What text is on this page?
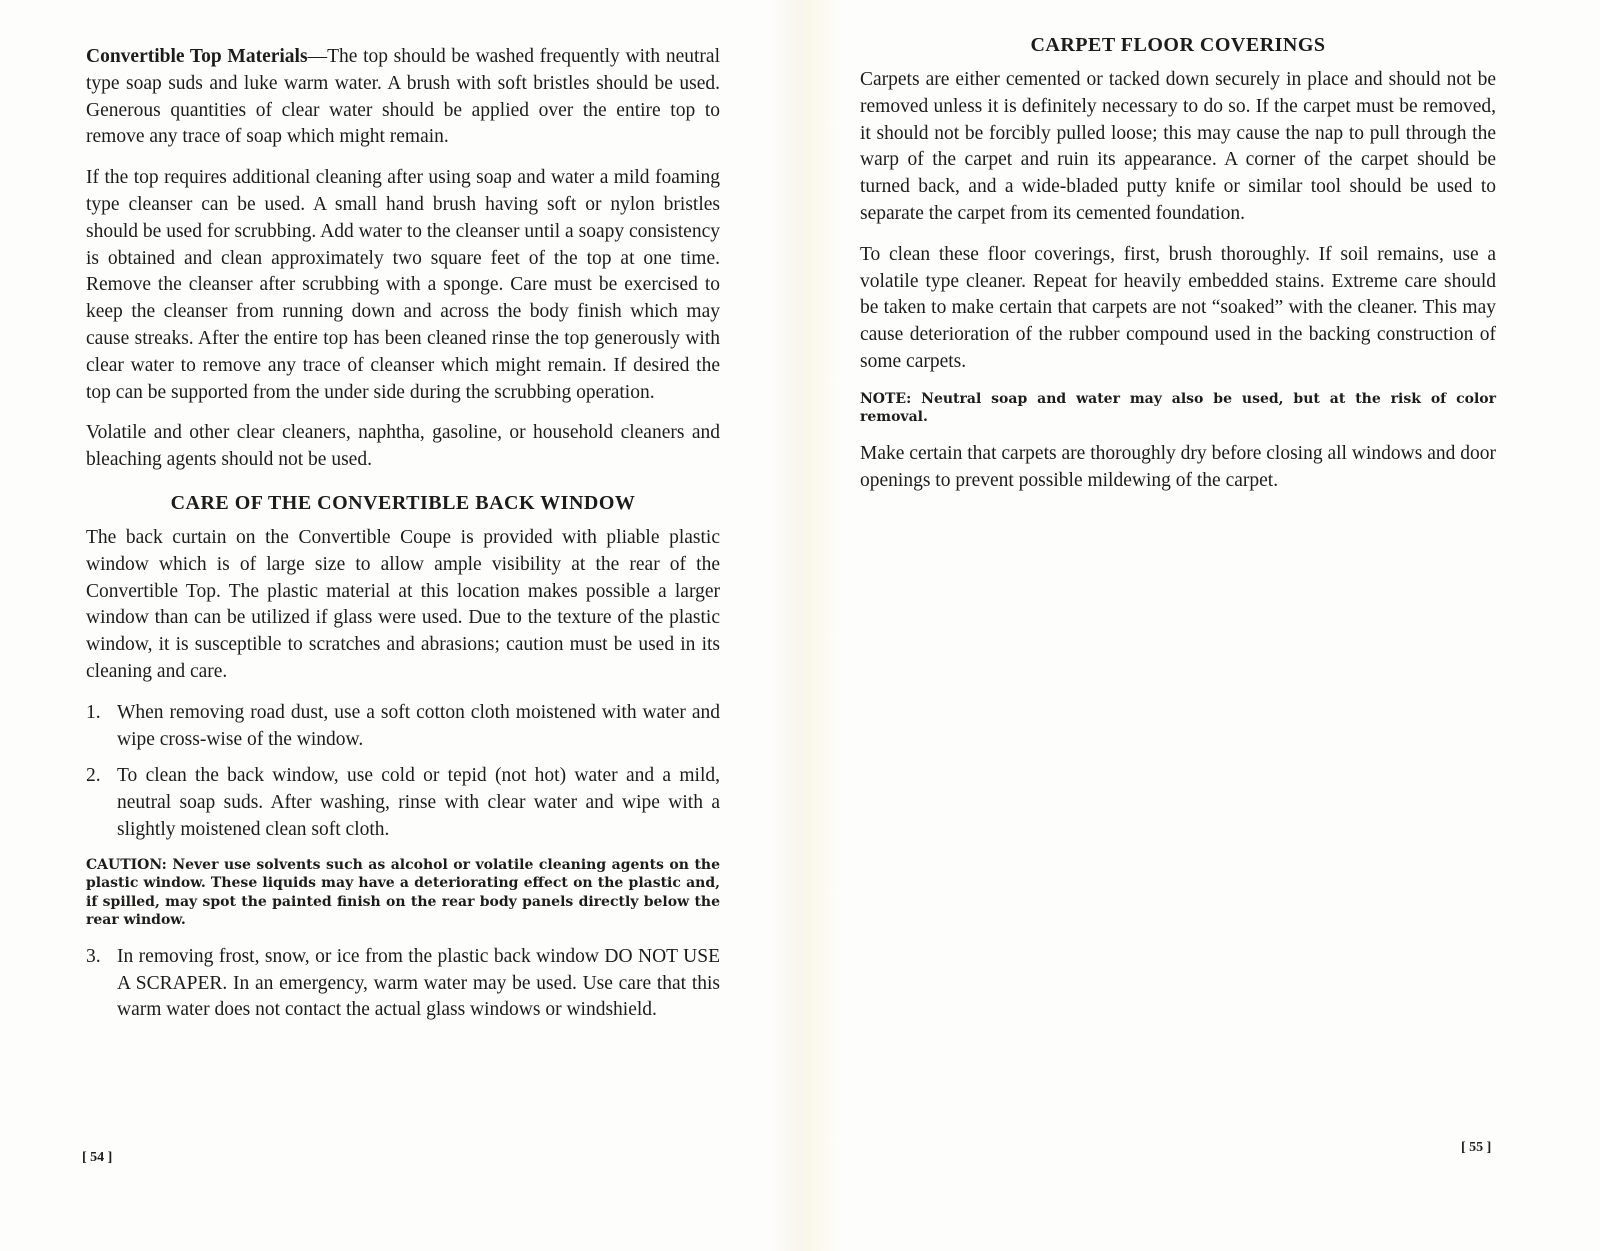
Convertible Top Materials—The top should be washed frequently with neutral type soap suds and luke warm water. A brush with soft bristles should be used. Generous quantities of clear water should be applied over the entire top to remove any trace of soap which might remain.

If the top requires additional cleaning after using soap and water a mild foaming type cleanser can be used. A small hand brush having soft or nylon bristles should be used for scrubbing. Add water to the cleanser until a soapy consistency is obtained and clean approximately two square feet of the top at one time. Remove the cleanser after scrubbing with a sponge. Care must be exercised to keep the cleanser from running down and across the body finish which may cause streaks. After the entire top has been cleaned rinse the top generously with clear water to remove any trace of cleanser which might remain. If desired the top can be supported from the under side during the scrubbing operation.

Volatile and other clear cleaners, naphtha, gasoline, or household cleaners and bleaching agents should not be used.

CARE OF THE CONVERTIBLE BACK WINDOW

The back curtain on the Convertible Coupe is provided with pliable plastic window which is of large size to allow ample visibility at the rear of the Convertible Top. The plastic material at this location makes possible a larger window than can be utilized if glass were used. Due to the texture of the plastic window, it is susceptible to scratches and abrasions; caution must be used in its cleaning and care.

1. When removing road dust, use a soft cotton cloth moistened with water and wipe cross-wise of the window.
2. To clean the back window, use cold or tepid (not hot) water and a mild, neutral soap suds. After washing, rinse with clear water and wipe with a slightly moistened clean soft cloth.

CAUTION: Never use solvents such as alcohol or volatile cleaning agents on the plastic window. These liquids may have a deteriorating effect on the plastic and, if spilled, may spot the painted finish on the rear body panels directly below the rear window.

3. In removing frost, snow, or ice from the plastic back window DO NOT USE A SCRAPER. In an emergency, warm water may be used. Use care that this warm water does not contact the actual glass windows or windshield.
[ 54 ]
CARPET FLOOR COVERINGS

Carpets are either cemented or tacked down securely in place and should not be removed unless it is definitely necessary to do so. If the carpet must be removed, it should not be forcibly pulled loose; this may cause the nap to pull through the warp of the carpet and ruin its appearance. A corner of the carpet should be turned back, and a wide-bladed putty knife or similar tool should be used to separate the carpet from its cemented foundation.

To clean these floor coverings, first, brush thoroughly. If soil remains, use a volatile type cleaner. Repeat for heavily embedded stains. Extreme care should be taken to make certain that carpets are not “soaked” with the cleaner. This may cause deterioration of the rubber compound used in the backing construction of some carpets.

NOTE: Neutral soap and water may also be used, but at the risk of color removal.

Make certain that carpets are thoroughly dry before closing all windows and door openings to prevent possible mildewing of the carpet.

[ 55 ]
